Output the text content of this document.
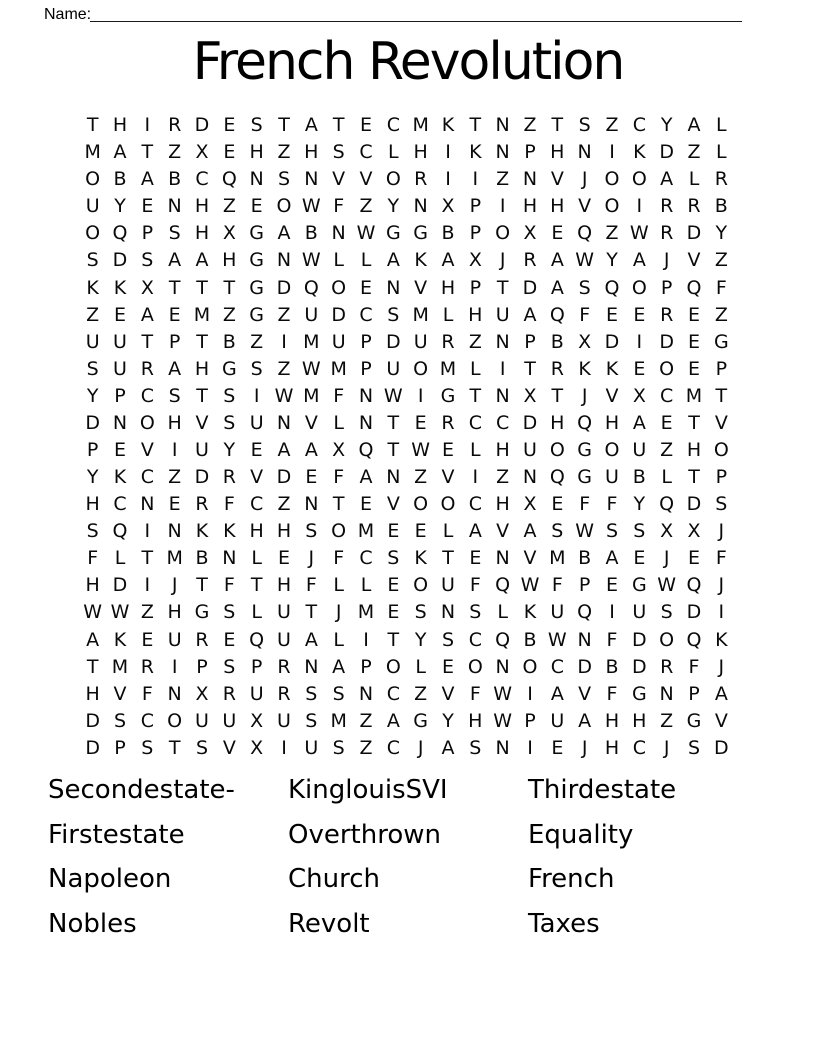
Name:
French Revolution
T H I R D E S T A T E C M K T N Z T S Z C Y A L
M A T Z X E H Z H S C L H I K N P H N I K D Z L
O B A B C Q N S N V V O R I	I Z N V J O O A L R
U Y E N H Z E O W F Z Y N X P I H H V O I R R B
O Q P S H X G A B N W G G B P O X E Q Z W R D Y
S D S A A H G N W L L A K A X J R A W Y A J V Z
K K X T T T G D Q O E N V H P T D A S Q O P Q F
Z E A E M Z G Z U D C S M L H U A Q F E E R E Z
U U T P T B Z I M U P D U R Z N P B X D I D E G
S U R A H G S Z W M P U O M L	I T R K K E O E P
Y P C S T S I W M F N W I G T N X T J V X C M T
D N O H V S U N V L N T E R C C D H Q H A E T V
P E V I U Y E A A X Q T W E L H U O G O U Z H O
Y K C Z D R V D E F A N Z V I Z N Q G U B L T P
H C N E R F C Z N T E V O O C H X E F F Y Q D S
S Q I N K K H H S O M E E L A V A S W S S X X J
F L T M B N L E J	F C S K T E N V M B A E J E F
H D I	J T F T H F L L E O U F Q W F P E G W Q J
W W Z H G S L U T J M E S N S L K U Q I U S D I
A K E U R E Q U A L	I T Y S C Q B W N F D O Q K
T M R I P S P R N A P O L E O N O C D B D R F	J
H V F N X R U R S S N C Z V F W I A V F G N P A
D S C O U U X U S M Z A G Y H W P U A H H Z G V
D P S T S V X I U S Z C J A S N I E J H C J S D
Secondestate-	KinglouisSVI	Thirdestate
Firstestate	Overthrown	Equality
Napoleon	Church	French
Nobles	Revolt	Taxes
